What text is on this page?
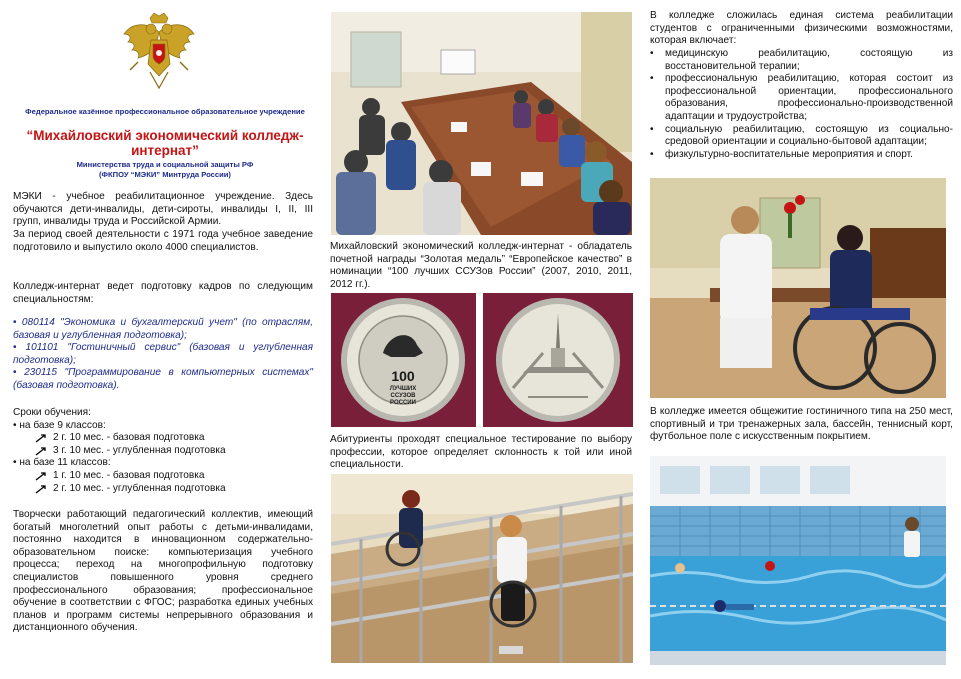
Федеральное казённое профессиональное образовательное учреждение

“Михайловский экономический колледж-интернат”

Министерства труда и социальной защиты РФ

(ФКПОУ “МЭКИ” Минтруда России)

МЭКИ - учебное реабилитационное учреждение. Здесь обучаются дети-инвалиды, дети-сироты, инвалиды I, II, III групп, инвалиды труда и Российской Армии.

За период своей деятельности с 1971 года учебное заведение подготовило и выпустило около 4000 специалистов.

Колледж-интернат ведет подготовку кадров по следующим специальностям:

• 080114 "Экономика и бухгалтерский учет" (по отраслям, базовая и углубленная подготовка);
• 101101 "Гостиничный сервис" (базовая и углубленная подготовка);
• 230115 "Программирование в компьютерных системах" (базовая подготовка).
Сроки обучения:
• на базе 9 классов:
2 г. 10 мес. - базовая подготовка
3 г. 10 мес. - углубленная подготовка
• на базе 11 классов:
1 г. 10 мес. - базовая подготовка
2 г. 10 мес. - углубленная подготовка

Творчески работающий педагогический коллектив, имеющий богатый многолетний опыт работы с детьми-инвалидами, постоянно находится в инновационном содержательно-образовательном поиске: компьютеризация учебного процесса; переход на многопрофильную подготовку специалистов повышенного уровня среднего профессионального образования; профессиональное обучение в соответствии с ФГОС; разработка единых учебных планов и программ системы непрерывного образования и дистанционного обучения.

Михайловский экономический колледж-интернат - обладатель почетной награды “Золотая медаль” “Европейское качество” в номинации “100 лучших ССУЗов России” (2007, 2010, 2011, 2012 гг.).

100
ЛУЧШИХ
ССУЗОВ
РОССИИ

Абитуриенты проходят специальное тестирование по выбору профессии, которое определяет склонность к той или иной специальности.

В колледже сложилась единая система реабилитации студентов с ограниченными физическими возможностями, которая включает:

• медицинскую реабилитацию, состоящую из восстановительной терапии;
• профессиональную реабилитацию, которая состоит из профессиональной ориентации, профессионального образования, профессионально-производственной адаптации и трудоустройства;
• социальную реабилитацию, состоящую из социально-средовой ориентации и социально-бытовой адаптации;
• физкультурно-воспитательные мероприятия и спорт.

В колледже имеется общежитие гостиничного типа на 250 мест, спортивный и три тренажерных зала, бассейн, теннисный корт, футбольное поле с искусственным покрытием.
